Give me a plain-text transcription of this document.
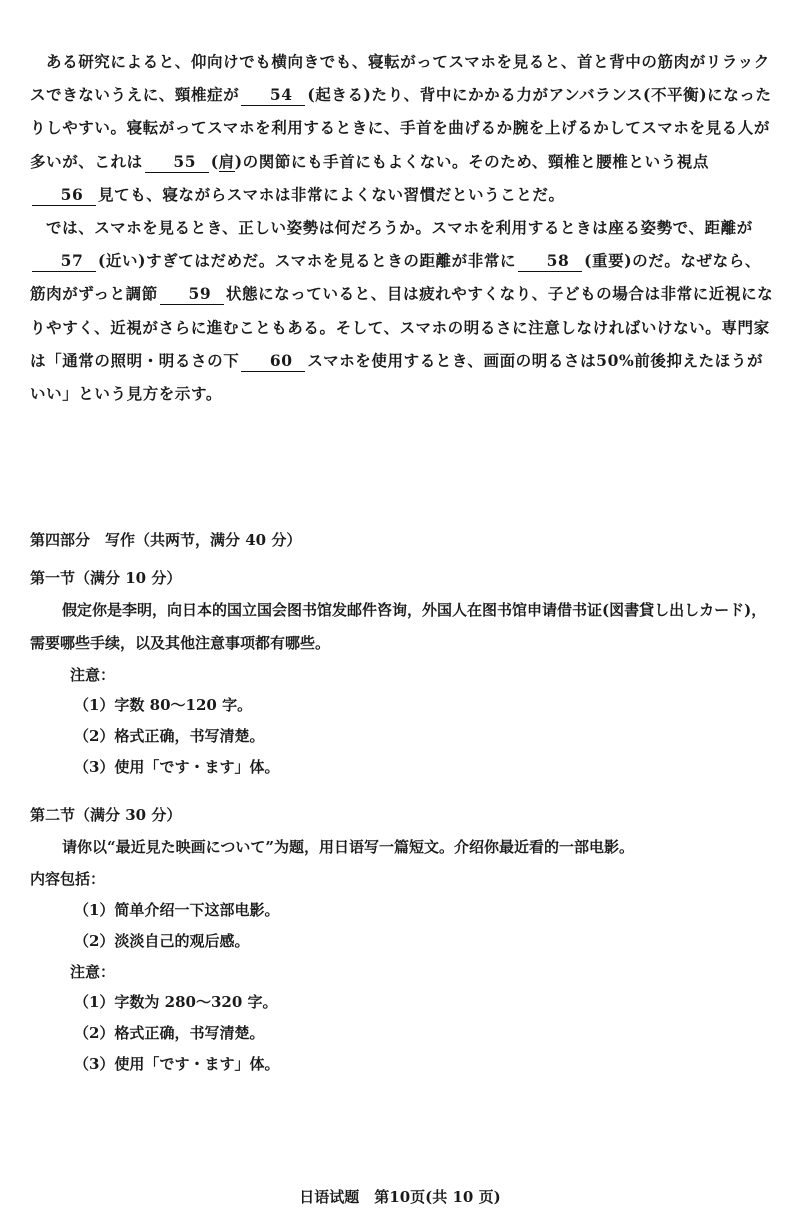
ある研究によると、仰向けでも横向きでも、寝転がってスマホを見ると、首と背中の筋肉がリラックスできないうえに、頸椎症が 54 (起きる)たり、背中にかかる力がアンバランス(不平衡)になったりしやすい。寝転がってスマホを利用するときに、手首を曲げるか腕を上げるかしてスマホを見る人が多いが、これは 55 (肩)の関節にも手首にもよくない。そのため、頸椎と腰椎という視点56 見ても、寝ながらスマホは非常によくない習慣だということだ。

では、スマホを見るとき、正しい姿勢は何だろうか。スマホを利用するときは座る姿勢で、距離が57 (近い)すぎてはだめだ。スマホを見るときの距離が非常に 58 (重要)のだ。なぜなら、筋肉がずっと調節 59 状態になっていると、目は疲れやすくなり、子どもの場合は非常に近視になりやすく、近視がさらに進むこともある。そして、スマホの明るさに注意しなければいけない。専門家は「通常の照明・明るさの下 60 スマホを使用するとき、画面の明るさは50%前後抑えたほうがいい」という見方を示す。

第四部分　写作（共两节，满分 40 分）

第一节（满分 10 分）

假定你是李明，向日本的国立国会图书馆发邮件咨询，外国人在图书馆申请借书证(図書貸し出しカード)，需要哪些手续，以及其他注意事项都有哪些。

注意：

（1）字数 80～120 字。

（2）格式正确，书写清楚。

（3）使用「です・ます」体。

第二节（满分 30 分）

请你以“最近見た映画について”为题，用日语写一篇短文。介绍你最近看的一部电影。

内容包括：

（1）简单介绍一下这部电影。

（2）淡淡自己的观后感。

注意：

（1）字数为 280～320 字。

（2）格式正确，书写清楚。

（3）使用「です・ます」体。

日语试题　第10页(共 10 页)
